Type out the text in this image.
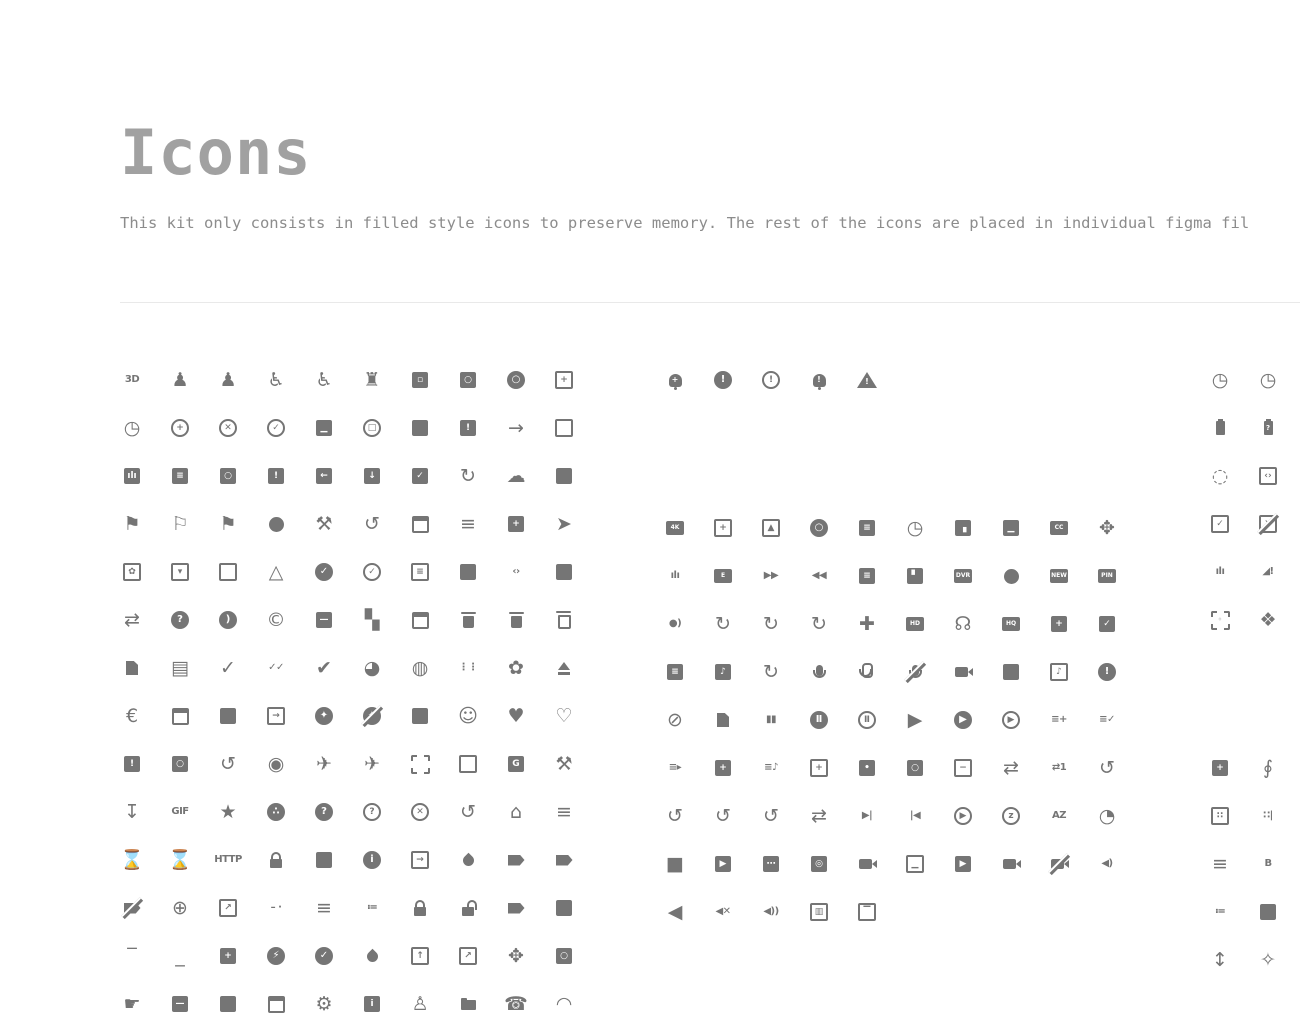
Icons

This kit only consists in filled style icons to preserve memory. The rest of the icons are placed in individual figma fil

3D ♟ ♟ ♿ ♿ ♜	▫	○	○	+
◷	+	✕	✓	▁	□	! →
ılı	≡	○	!	←	↓	✓ ↻ ☁
⚑ ⚐ ⚑	⚒ ↺	≡	+ ➤
✿	▾	△	✓	✓	≡	‹›
⇄	?	) ©	— ▚
▤ ✓	✓✓ ✔ ◕ ◍	⋮⋮ ✿
€	→	✦	☺ ♥ ♡
!	○ ↺ ◉ ✈ ✈	G ⚒
↧	GIF ★	∴	?	?	✕ ↺ ⌂ ≡
⌛ ⌛ HTTP	i	→
⊕	↗	– · ≡	≔
‾ _	+	⚡	✓	↑	↗ ✥	○
☛	—	⚙	i ♙	☎ ◠
+	!	!	!	!
4K	+	▲	○	≡ ◷	▗	▁	CC ✥
ılı	E	▶▶	◀◀	≡	▘	DVR	NEW	PIN
●) ↻ ↻ ↻ ✚	HD ☊	HQ	+	✓
≡	♪ ↻	♪	!
⊘	▮▮	Ⅱ	Ⅱ ▶	▶	▶	≡+	≡✓
≡▸	+	≡♪	+	•	○	− ⇄	⇄1 ↺
↺ ↺ ↺ ⇄	▶|	|◀	▶	z	AZ ◔
■	▶	⋯	◎	▁	▶	◀)
◀	◀✕	◀))	▥	▔
◷ ◷
?
◌	‹›
✓
ılı	◢!
◦ ❖
+ ∮
∷	∷|
≡	B
≔
↕ ✧
